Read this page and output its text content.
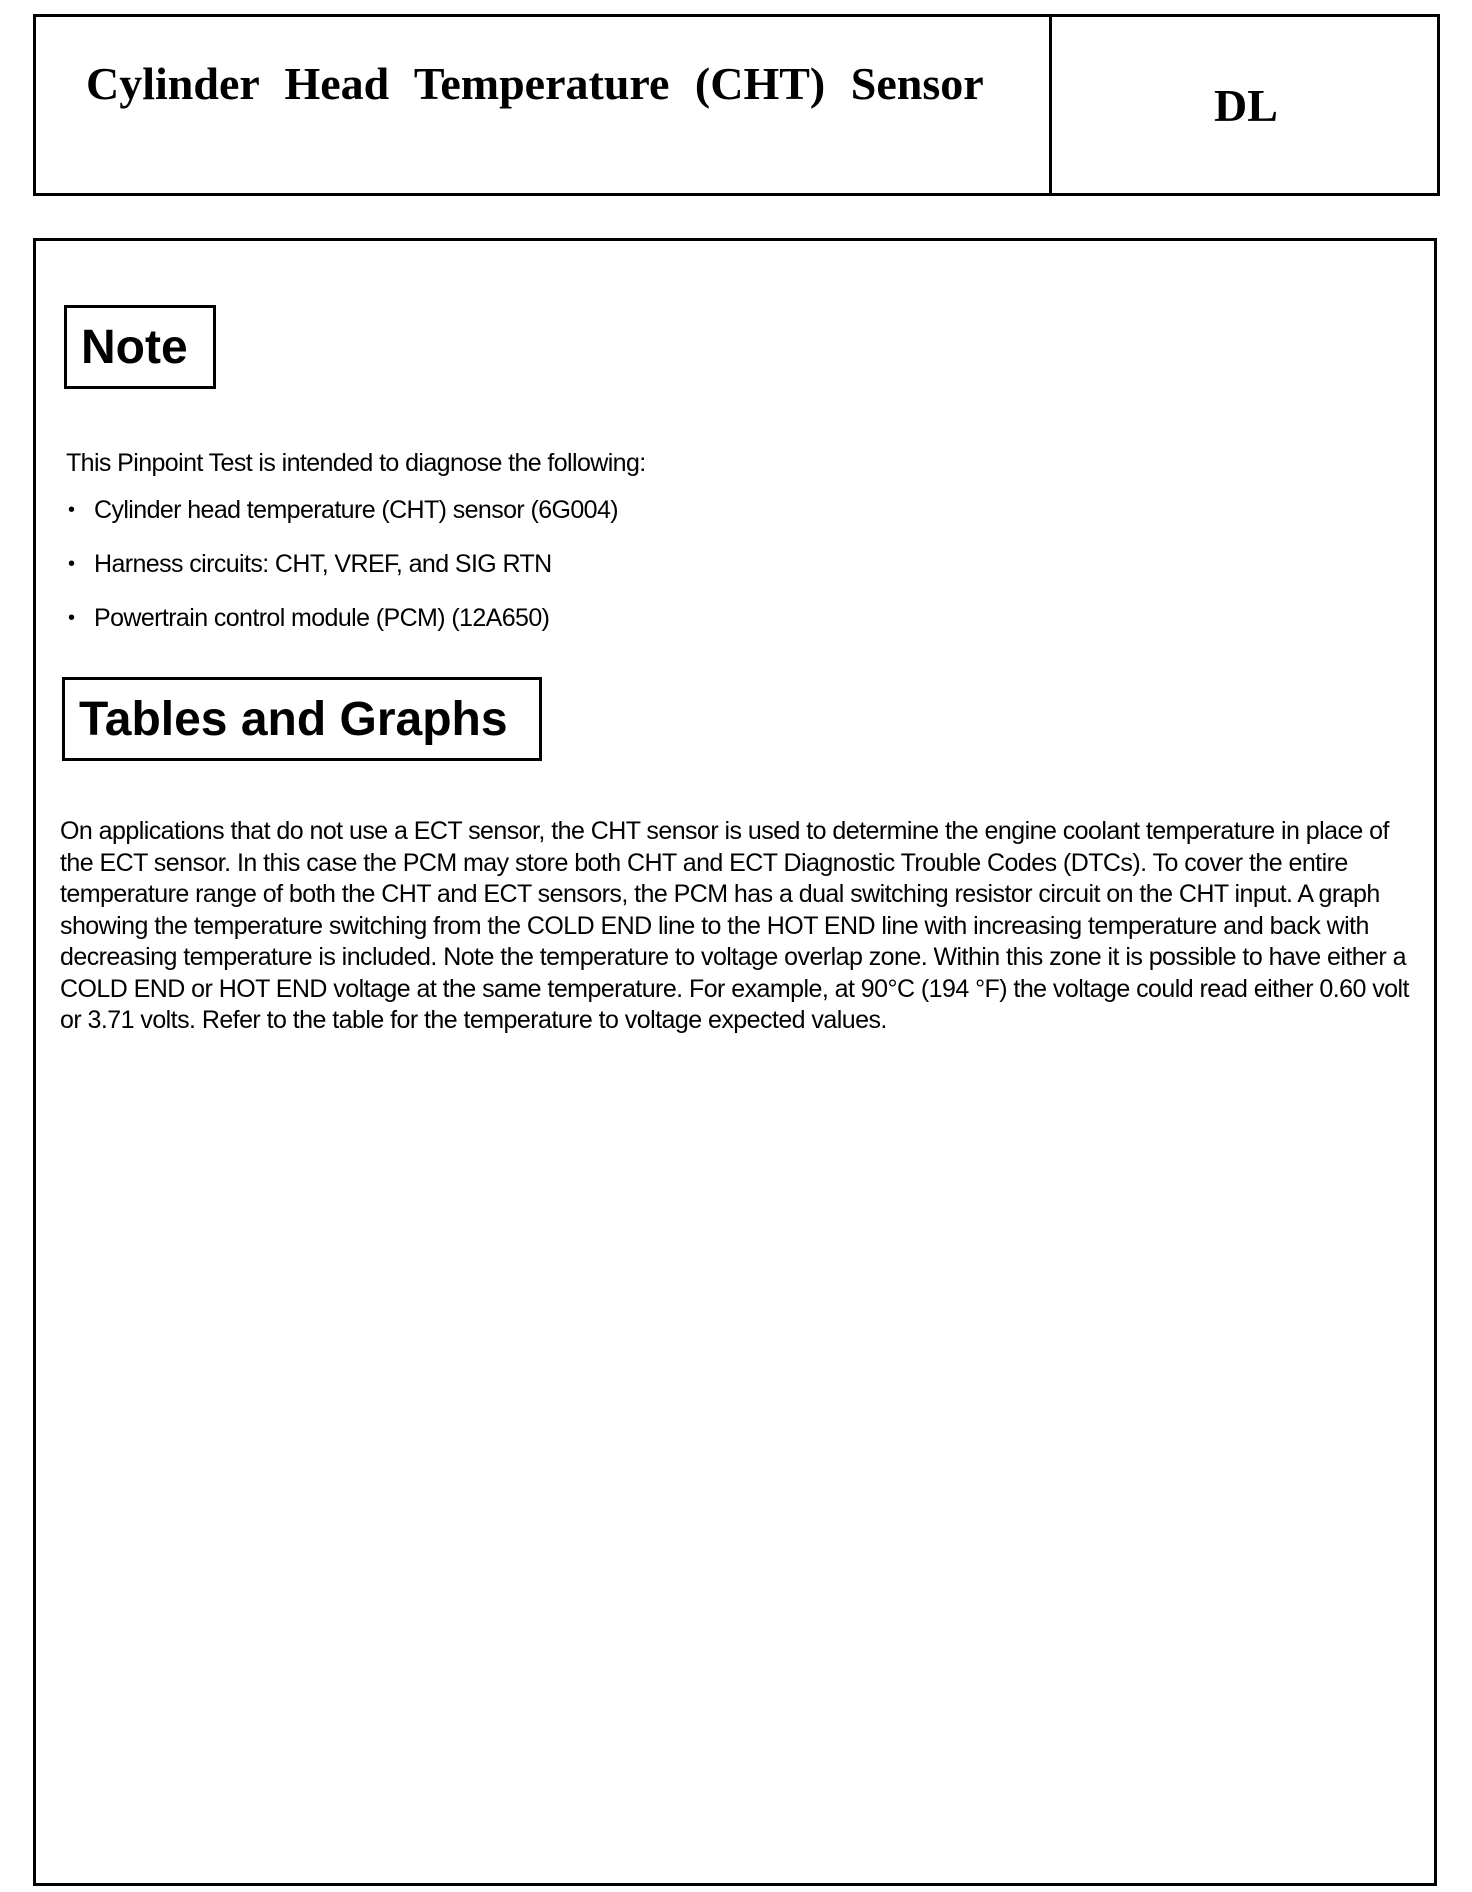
Cylinder Head Temperature (CHT) Sensor	DL
Note

This Pinpoint Test is intended to diagnose the following:

• Cylinder head temperature (CHT) sensor (6G004)
• Harness circuits: CHT, VREF, and SIG RTN
• Powertrain control module (PCM) (12A650)
Tables and Graphs

On applications that do not use a ECT sensor, the CHT sensor is used to determine the engine coolant temperature in place of the ECT sensor. In this case the PCM may store both CHT and ECT Diagnostic Trouble Codes (DTCs). To cover the entire temperature range of both the CHT and ECT sensors, the PCM has a dual switching resistor circuit on the CHT input. A graph showing the temperature switching from the COLD END line to the HOT END line with increasing temperature and back with decreasing temperature is included. Note the temperature to voltage overlap zone. Within this zone it is possible to have either a COLD END or HOT END voltage at the same temperature. For example, at 90°C (194 °F) the voltage could read either 0.60 volt or 3.71 volts. Refer to the table for the temperature to voltage expected values.
